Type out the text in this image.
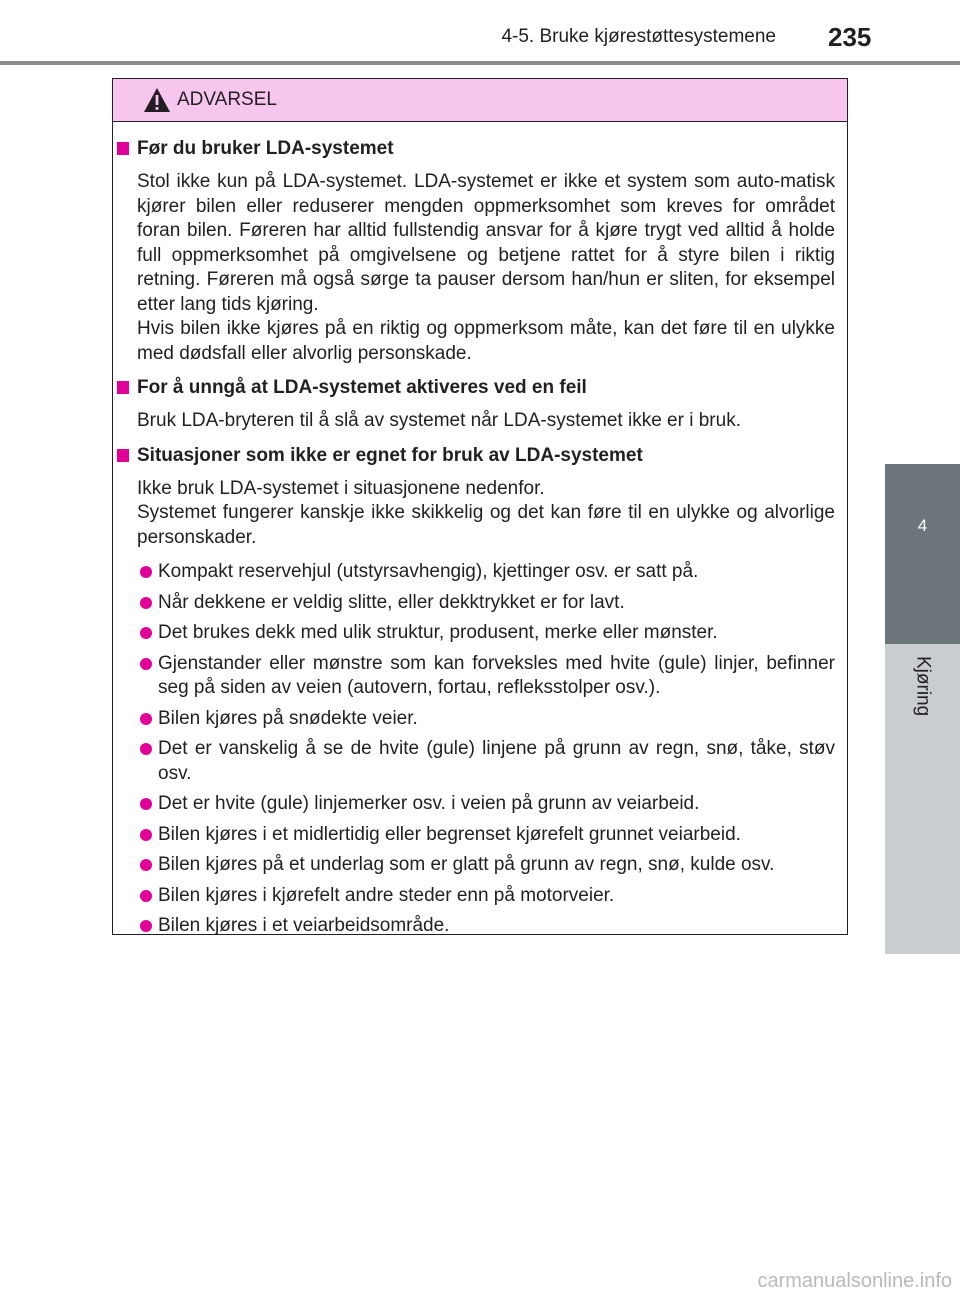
4-5. Bruke kjørestøttesystemene 235
4
Kjøring
ADVARSEL
Før du bruker LDA-systemet
Stol ikke kun på LDA-systemet. LDA-systemet er ikke et system som auto-matisk kjører bilen eller reduserer mengden oppmerksomhet som kreves for området foran bilen. Føreren har alltid fullstendig ansvar for å kjøre trygt ved alltid å holde full oppmerksomhet på omgivelsene og betjene rattet for å styre bilen i riktig retning. Føreren må også sørge ta pauser dersom han/hun er sliten, for eksempel etter lang tids kjøring.
Hvis bilen ikke kjøres på en riktig og oppmerksom måte, kan det føre til en ulykke med dødsfall eller alvorlig personskade.
For å unngå at LDA-systemet aktiveres ved en feil
Bruk LDA-bryteren til å slå av systemet når LDA-systemet ikke er i bruk.
Situasjoner som ikke er egnet for bruk av LDA-systemet
Ikke bruk LDA-systemet i situasjonene nedenfor.
Systemet fungerer kanskje ikke skikkelig og det kan føre til en ulykke og alvorlige personskader.
Kompakt reservehjul (utstyrsavhengig), kjettinger osv. er satt på.
Når dekkene er veldig slitte, eller dekktrykket er for lavt.
Det brukes dekk med ulik struktur, produsent, merke eller mønster.
Gjenstander eller mønstre som kan forveksles med hvite (gule) linjer, befinner seg på siden av veien (autovern, fortau, refleksstolper osv.).
Bilen kjøres på snødekte veier.
Det er vanskelig å se de hvite (gule) linjene på grunn av regn, snø, tåke, støv osv.
Det er hvite (gule) linjemerker osv. i veien på grunn av veiarbeid.
Bilen kjøres i et midlertidig eller begrenset kjørefelt grunnet veiarbeid.
Bilen kjøres på et underlag som er glatt på grunn av regn, snø, kulde osv.
Bilen kjøres i kjørefelt andre steder enn på motorveier.
Bilen kjøres i et veiarbeidsområde.
carmanualsonline.info
